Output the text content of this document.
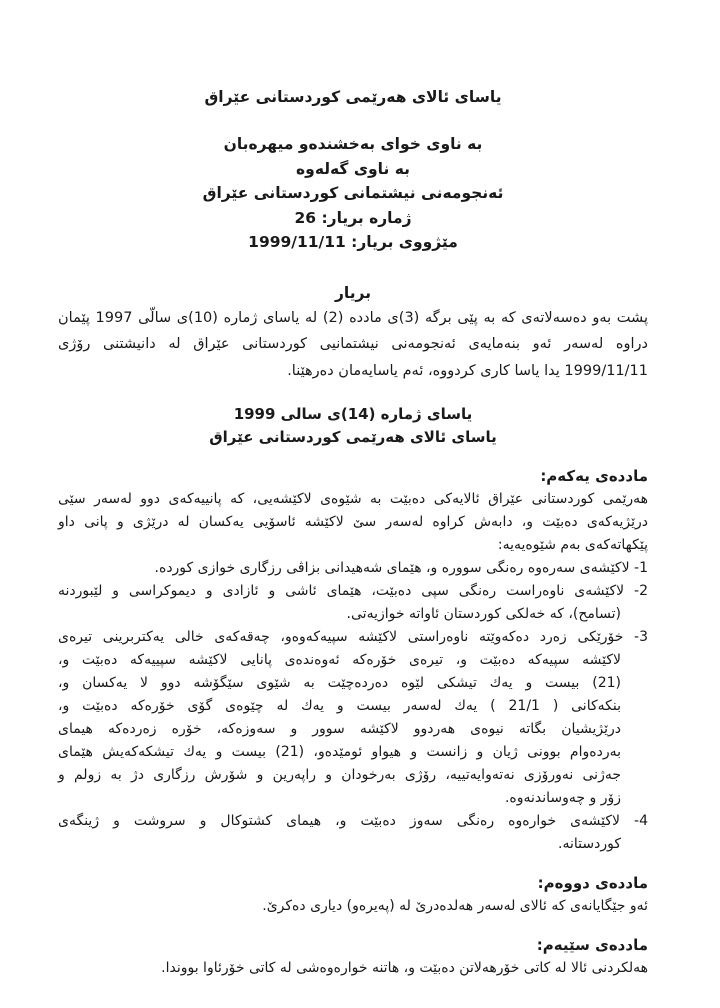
ياساى ئالاى هه‌رێمى كوردستانى عێراق
به ناوى خواى به‌خشنده‌و ميهره‌بان
به ناوى گه‌له‌وه
ئه‌نجومه‌نى نيشتمانى كوردستانى عێراق
ژماره بريار: 26
مێژووى بريار: 1999/11/11
بريار
پشت به‌و ده‌سه‌لاته‌ى كه به پێى برگه (3)ى مادده (2) له ياساى ژماره (10)ى سالّى 1997 پێمان
دراوه له‌سه‌ر ئه‌و بنه‌مايه‌ى ئه‌نجومه‌نى نيشتمانيى كوردستانى عێراق له دانيشتنى رۆژى
1999/11/11 يدا ياسا كارى كردووه، ئه‌م ياسايه‌مان ده‌رهێنا.
ياساى ژماره (14)ى سالى 1999
ياساى ئالاى هه‌رێمى كوردستانى عێراق
مادده‌ى يه‌كه‌م:
هه‌رێمى كوردستانى عێراق ئالايه‌كى ده‌بێت به شێوه‌ى لاكێشه‌يى، كه پانييه‌كه‌ى دوو له‌سه‌ر سێى
درێژيه‌كه‌ى ده‌بێت و، دابه‌ش كراوه له‌سه‌ر سێ لاكێشه ئاسۆيى يه‌كسان له درێژى و پانى داو
پێكهاته‌كه‌ى به‌م شێوه‌يه‌يه:
1- لاكێشه‌ى سه‌ره‌وه ره‌نگى سووره و، هێماى شه‌هيدانى بزاڤى رزگارى خوازى كورده.
2- لاكێشه‌ى ناوه‌راست ره‌نگى سپى ده‌بێت، هێماى ئاشى و ئازادى و ديموكراسى و لێبوردنه
(تسامح)، كه خه‌لكى كوردستان ئاواته خوازيه‌تى.
3- خۆرێكى زه‌رد ده‌كه‌وێته ناوه‌راستى لاكێشه سپيه‌كه‌وه‌و، چه‌قه‌كه‌ى خالى يه‌كتربرينى تيره‌ى
لاكێشه سپيه‌كه ده‌بێت و، تيره‌ى خۆره‌كه ئه‌وه‌نده‌ى پانايى لاكێشه سپييه‌كه ده‌بێت و،
(21) بيست و يه‌ك تيشكى لێوه ده‌رده‌چێت به شێوى سێگۆشه دوو لا يه‌كسان و،
بنكه‌كانى ( 21/1 ) يه‌ك له‌سه‌ر بيست و يه‌ك له چێوه‌ى گۆى خۆره‌كه ده‌بێت و،
درێژيشيان بگاته نيوه‌ى هه‌ردوو لاكێشه سوور و سه‌وزه‌كه، خۆره زه‌رده‌كه هيماى
به‌رده‌وام بوونى ژيان و زانست و هيواو ئومێده‌و، (21) بيست و يه‌ك تيشكه‌كه‌يش هێماى
جه‌ژنى نه‌ورۆزى نه‌ته‌وايه‌تييه، رۆژى به‌رخودان و راپه‌رين و شۆرش رزگارى دژ به زولم و
زۆر و چه‌وساندنه‌وه.
4- لاكێشه‌ى خواره‌وه ره‌نگى سه‌وز ده‌بێت و، هيماى كشتوكال و سروشت و ژينگه‌ى
كوردستانه.
مادده‌ى دووه‌م:
ئه‌و جێگايانه‌ى كه ئالاى له‌سه‌ر هه‌لده‌درێ له (په‌يره‌و) ديارى ده‌كرێ.
مادده‌ى سێيه‌م:
هه‌لكردنى ئالا له كاتى خۆرهه‌لاتن ده‌بێت و، هاتنه خواره‌وه‌شى له كاتى خۆرئاوا بووندا.
